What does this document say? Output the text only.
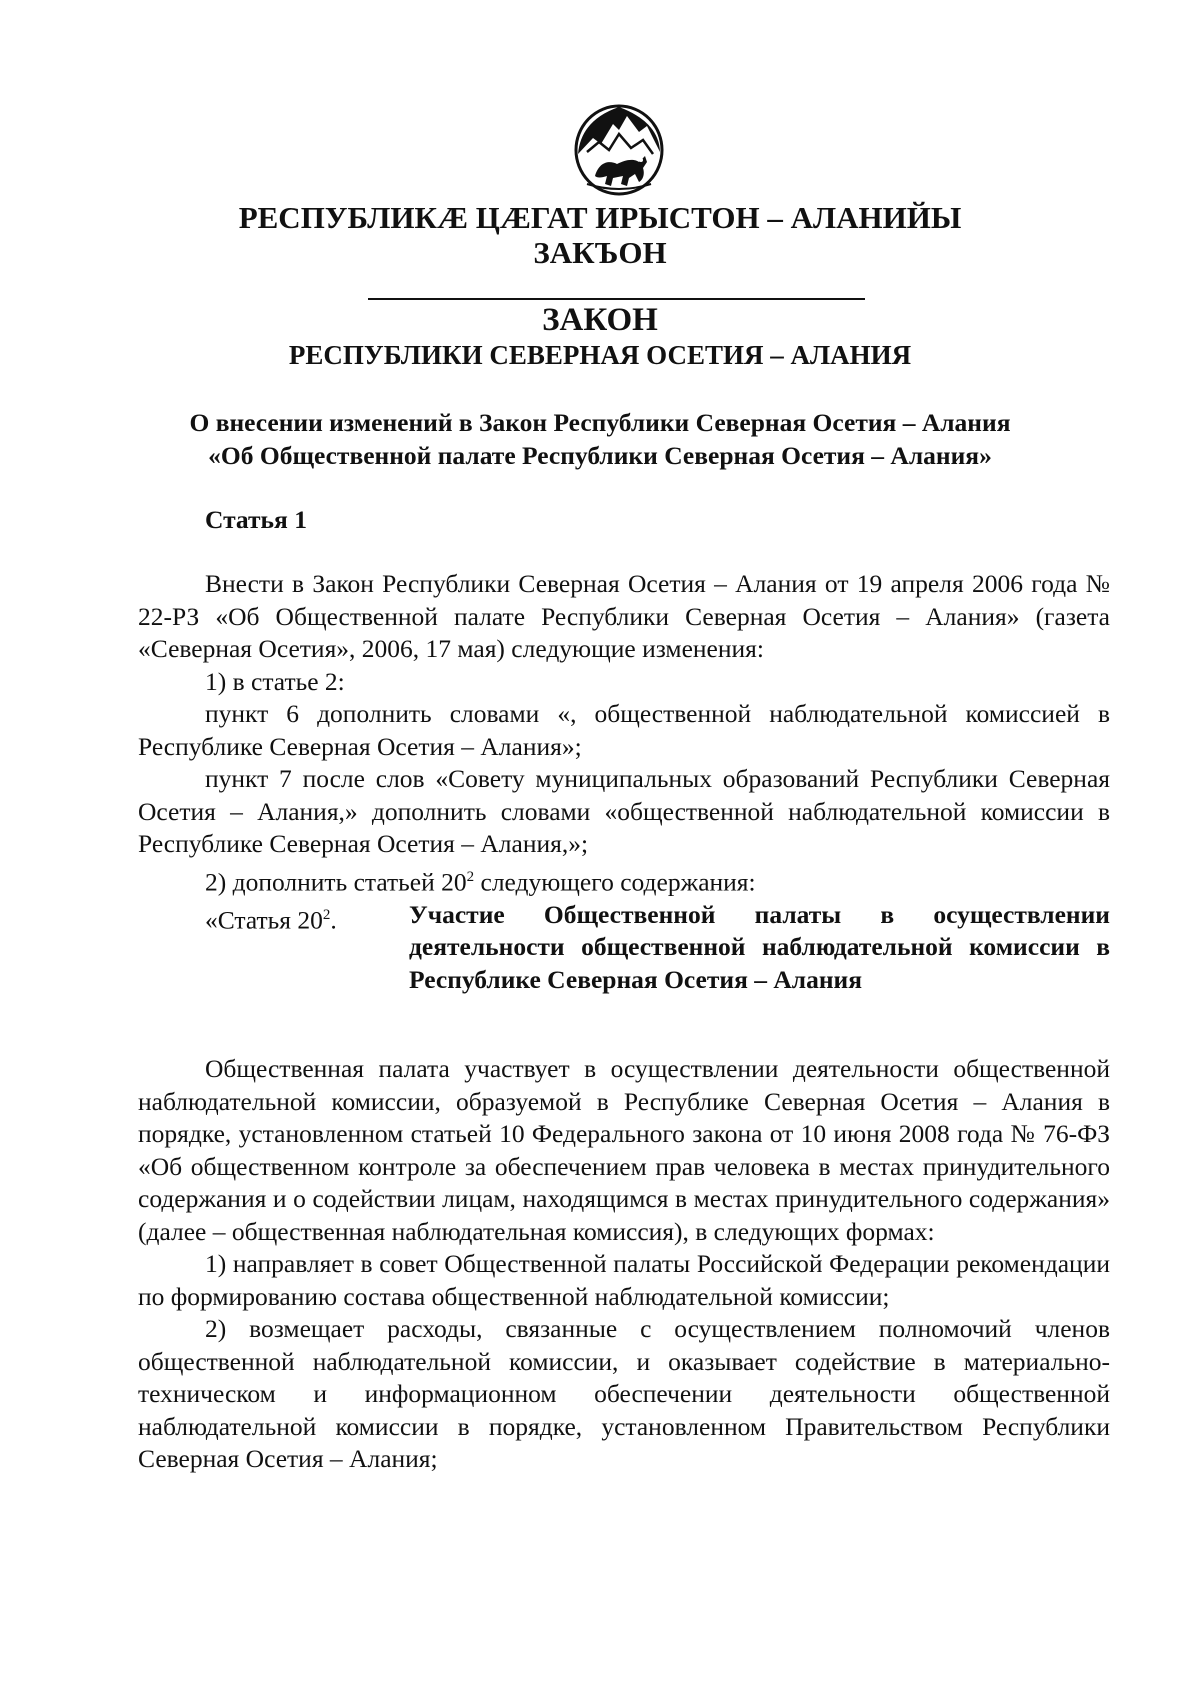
РЕСПУБЛИКӔ ЦӔГАТ ИРЫСТОН – АЛАНИЙЫ
ЗАКЪОН
ЗАКОН
РЕСПУБЛИКИ СЕВЕРНАЯ ОСЕТИЯ – АЛАНИЯ
О внесении изменений в Закон Республики Северная Осетия – Алания
«Об Общественной палате Республики Северная Осетия – Алания»
Статья 1

Внести в Закон Республики Северная Осетия – Алания от 19 апреля 2006 года № 22-РЗ «Об Общественной палате Республики Северная Осетия – Алания» (газета «Северная Осетия», 2006, 17 мая) следующие изменения:

1) в статье 2:

пункт 6 дополнить словами «, общественной наблюдательной комиссией в Республике Северная Осетия – Алания»;

пункт 7 после слов «Совету муниципальных образований Республики Северная Осетия – Алания,» дополнить словами «общественной наблюдательной комиссии в Республике Северная Осетия – Алания,»;

2) дополнить статьей $20^2$ следующего содержания:

«Статья $20^2$.	Участие Общественной палаты в осуществлении деятельности общественной наблюдательной комиссии в Республике Северная Осетия – Алания

Общественная палата участвует в осуществлении деятельности общественной наблюдательной комиссии, образуемой в Республике Северная Осетия – Алания в порядке, установленном статьей 10 Федерального закона от 10 июня 2008 года № 76-ФЗ «Об общественном контроле за обеспечением прав человека в местах принудительного содержания и о содействии лицам, находящимся в местах принудительного содержания» (далее – общественная наблюдательная комиссия), в следующих формах:

1) направляет в совет Общественной палаты Российской Федерации рекомендации по формированию состава общественной наблюдательной комиссии;

2) возмещает расходы, связанные с осуществлением полномочий членов общественной наблюдательной комиссии, и оказывает содействие в материально-техническом и информационном обеспечении деятельности общественной наблюдательной комиссии в порядке, установленном Правительством Республики Северная Осетия – Алания;
